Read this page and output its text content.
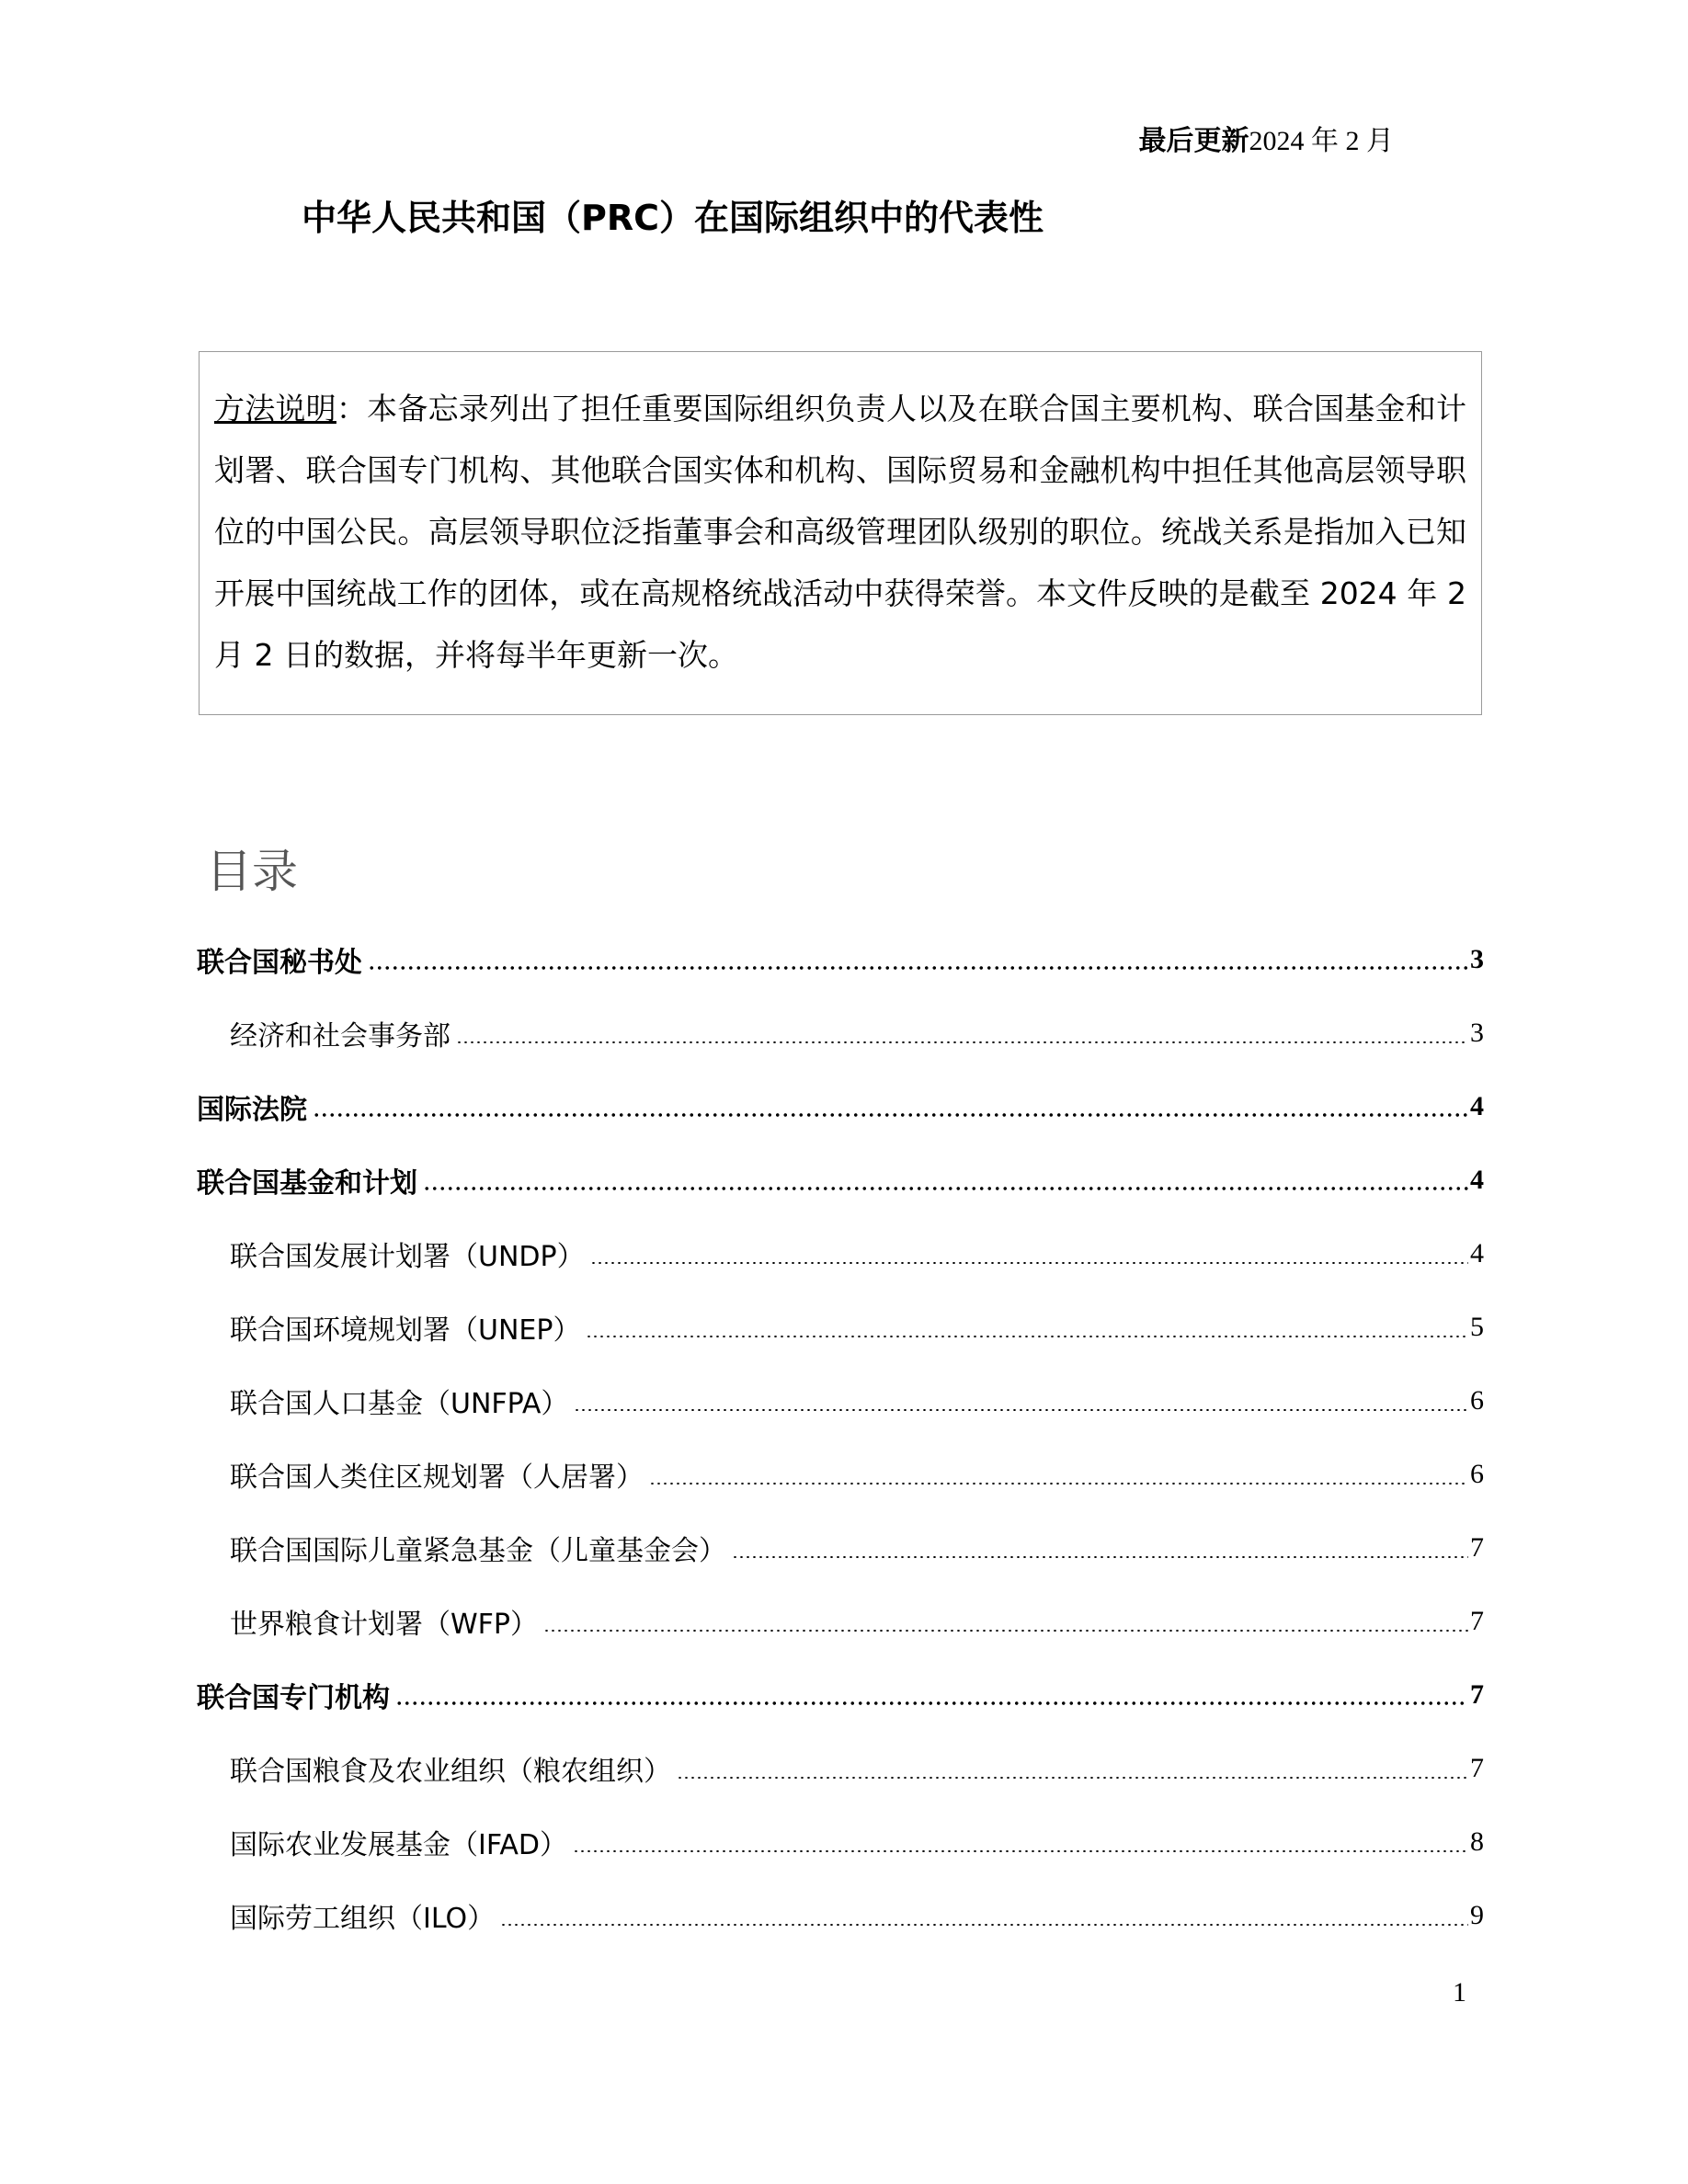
最后更新2024 年 2 月
中华人民共和国（PRC）在国际组织中的代表性
方法说明：本备忘录列出了担任重要国际组织负责人以及在联合国主要机构、联合国基金和计划署、联合国专门机构、其他联合国实体和机构、国际贸易和金融机构中担任其他高层领导职位的中国公民。高层领导职位泛指董事会和高级管理团队级别的职位。统战关系是指加入已知开展中国统战工作的团体，或在高规格统战活动中获得荣誉。本文件反映的是截至 2024 年 2 月 2 日的数据，并将每半年更新一次。
目录
联合国秘书处	3
经济和社会事务部	3
国际法院	4
联合国基金和计划	4
联合国发展计划署（UNDP）	4
联合国环境规划署（UNEP）	5
联合国人口基金（UNFPA）	6
联合国人类住区规划署（人居署）	6
联合国国际儿童紧急基金（儿童基金会）	7
世界粮食计划署（WFP）	7
联合国专门机构	7
联合国粮食及农业组织（粮农组织）	7
国际农业发展基金（IFAD）	8
国际劳工组织（ILO）	9
1
